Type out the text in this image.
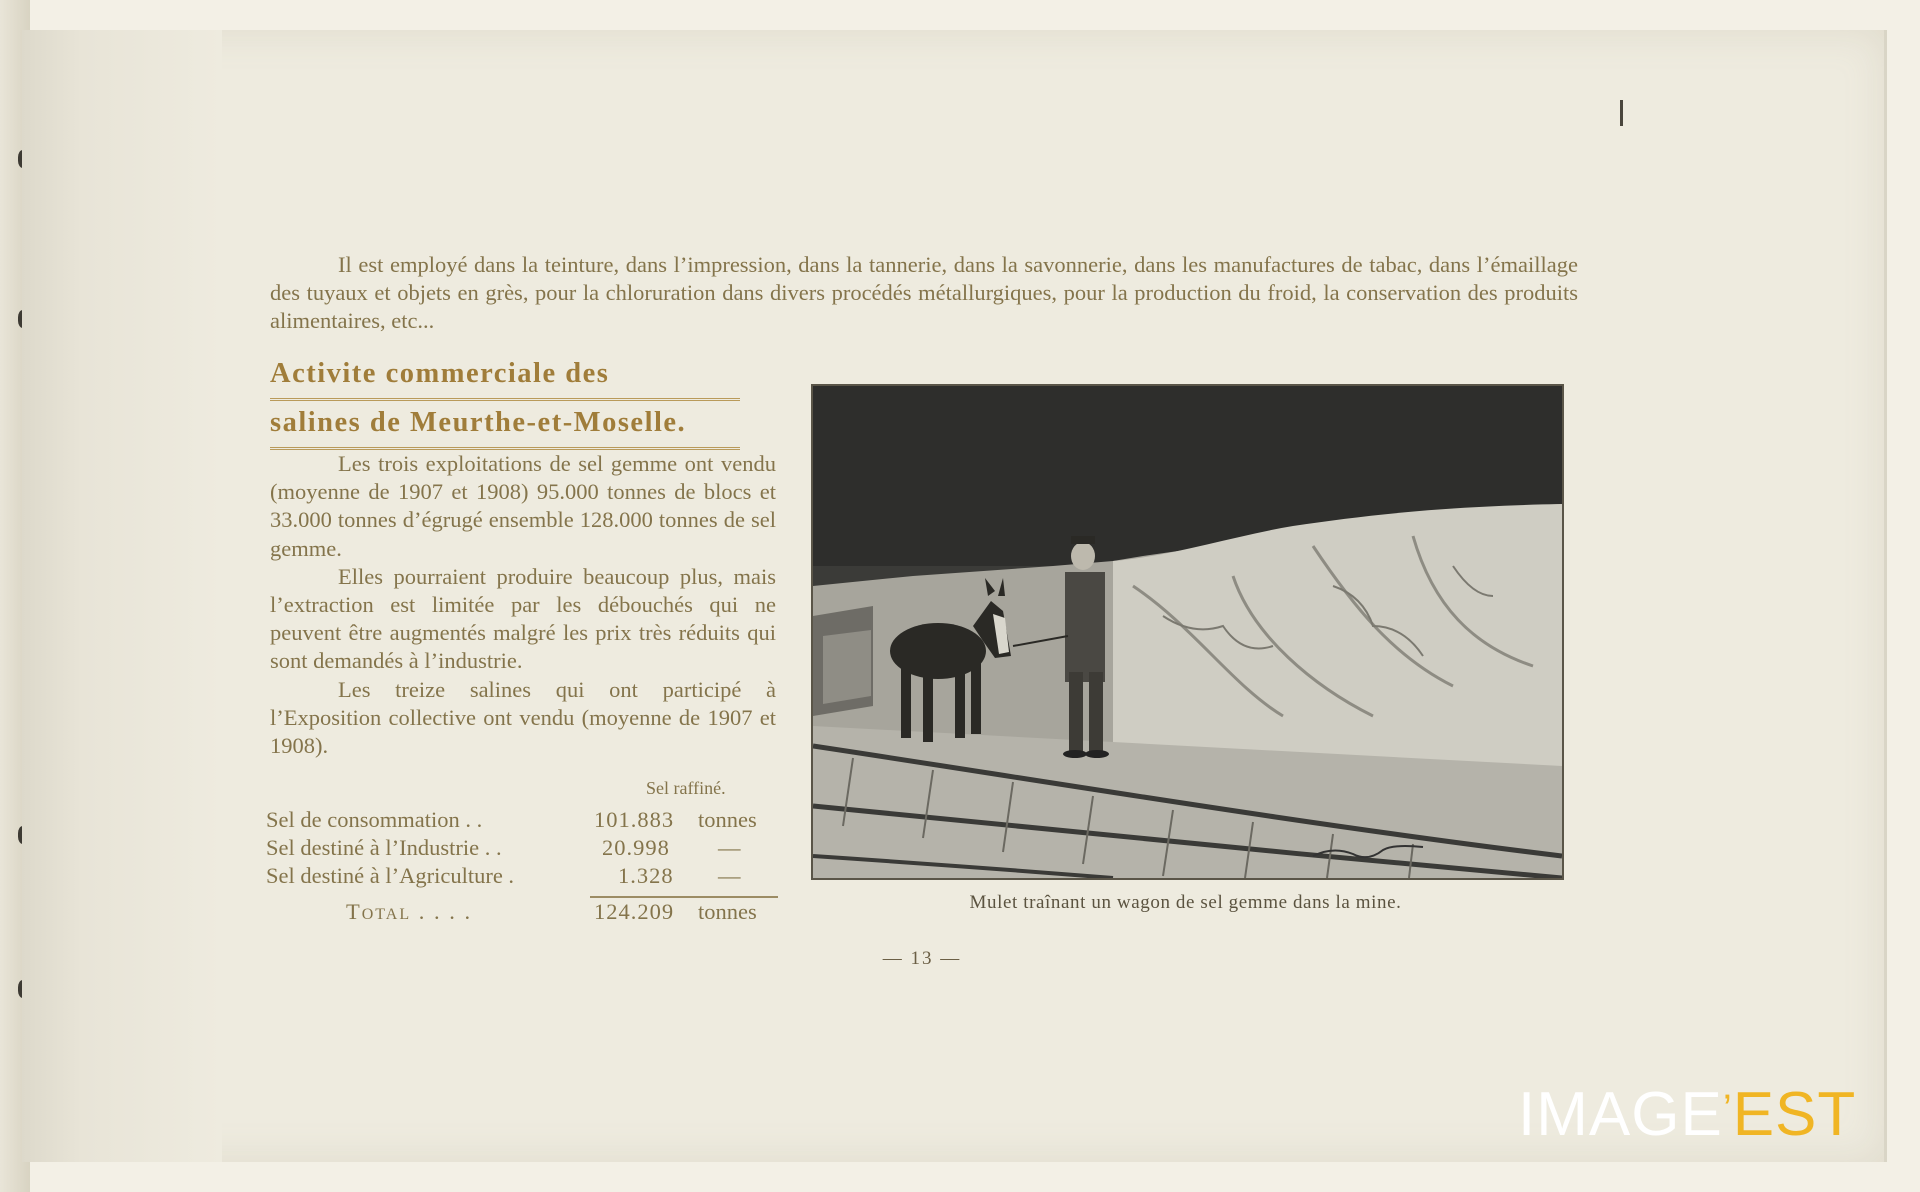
Il est employé dans la teinture, dans l’impression, dans la tannerie, dans la savonnerie, dans les manufactures de tabac, dans l’émaillage des tuyaux et objets en grès, pour la chloruration dans divers procédés métallurgiques, pour la production du froid, la conservation des produits alimentaires, etc...
Activite commerciale des
salines de Meurthe-et-Moselle.

Les trois exploitations de sel gemme ont vendu (moyenne de 1907 et 1908) 95.000 tonnes de blocs et 33.000 tonnes d’égrugé ensemble 128.000 tonnes de sel gemme.

Elles pourraient produire beaucoup plus, mais l’extraction est limitée par les débouchés qui ne peuvent être augmentés malgré les prix très réduits qui sont demandés à l’industrie.

Les treize salines qui ont participé à l’Exposition collective ont vendu (moyenne de 1907 et 1908).

Sel raffiné.
Sel de consommation . .	101.883 tonnes
Sel destiné à l’Industrie . .	20.998 —
Sel destiné à l’Agriculture .	1.328 —
Total . . . .	124.209 tonnes	Mulet traînant un wagon de sel gemme dans la mine.
— 13 —
IMAGE’EST
